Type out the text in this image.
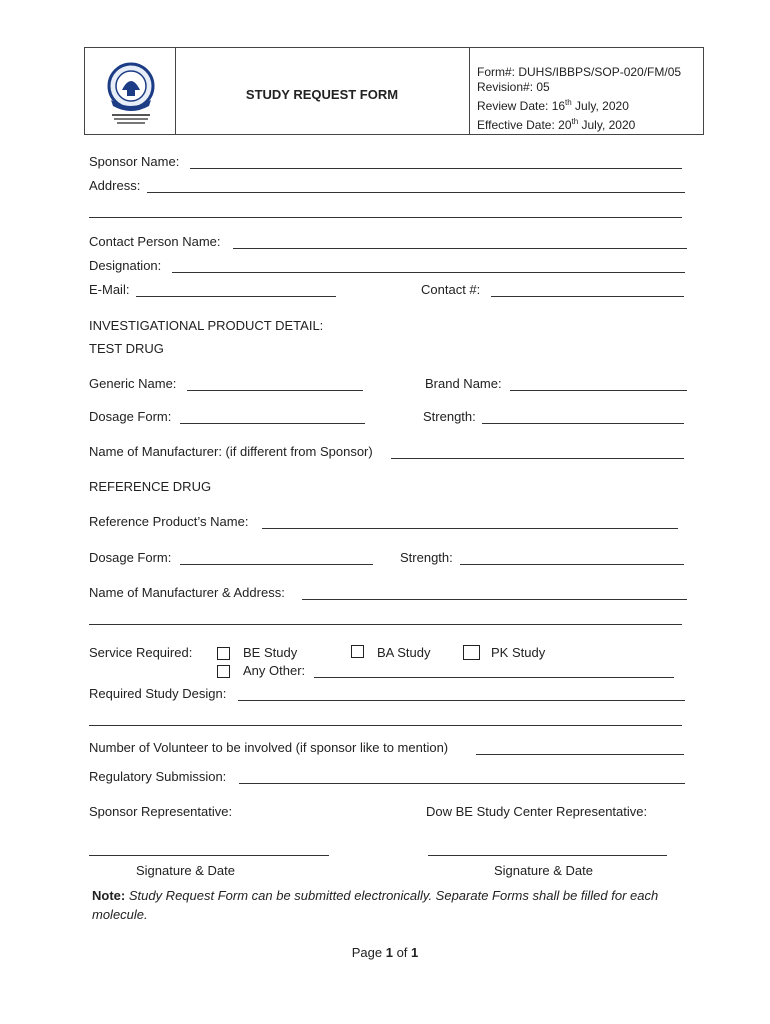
STUDY REQUEST FORM
Form#: DUHS/IBBPS/SOP-020/FM/05
Revision#: 05
Review Date: 16th July, 2020
Effective Date: 20th July, 2020
Sponsor Name:
Address:
Contact Person Name:
Designation:
E-Mail:	Contact #:
INVESTIGATIONAL PRODUCT DETAIL:
TEST DRUG
Generic Name:	Brand Name:
Dosage Form:	Strength:
Name of Manufacturer: (if different from Sponsor)
REFERENCE DRUG
Reference Product’s Name:
Dosage Form:	Strength:
Name of Manufacturer & Address:
Service Required:	BE Study	BA Study	PK Study
Any Other:
Required Study Design:
Number of Volunteer to be involved (if sponsor like to mention)
Regulatory Submission:
Sponsor Representative:	Dow BE Study Center Representative:
Signature & Date	Signature & Date
Note: Study Request Form can be submitted electronically. Separate Forms shall be filled for each molecule.
Page 1 of 1
